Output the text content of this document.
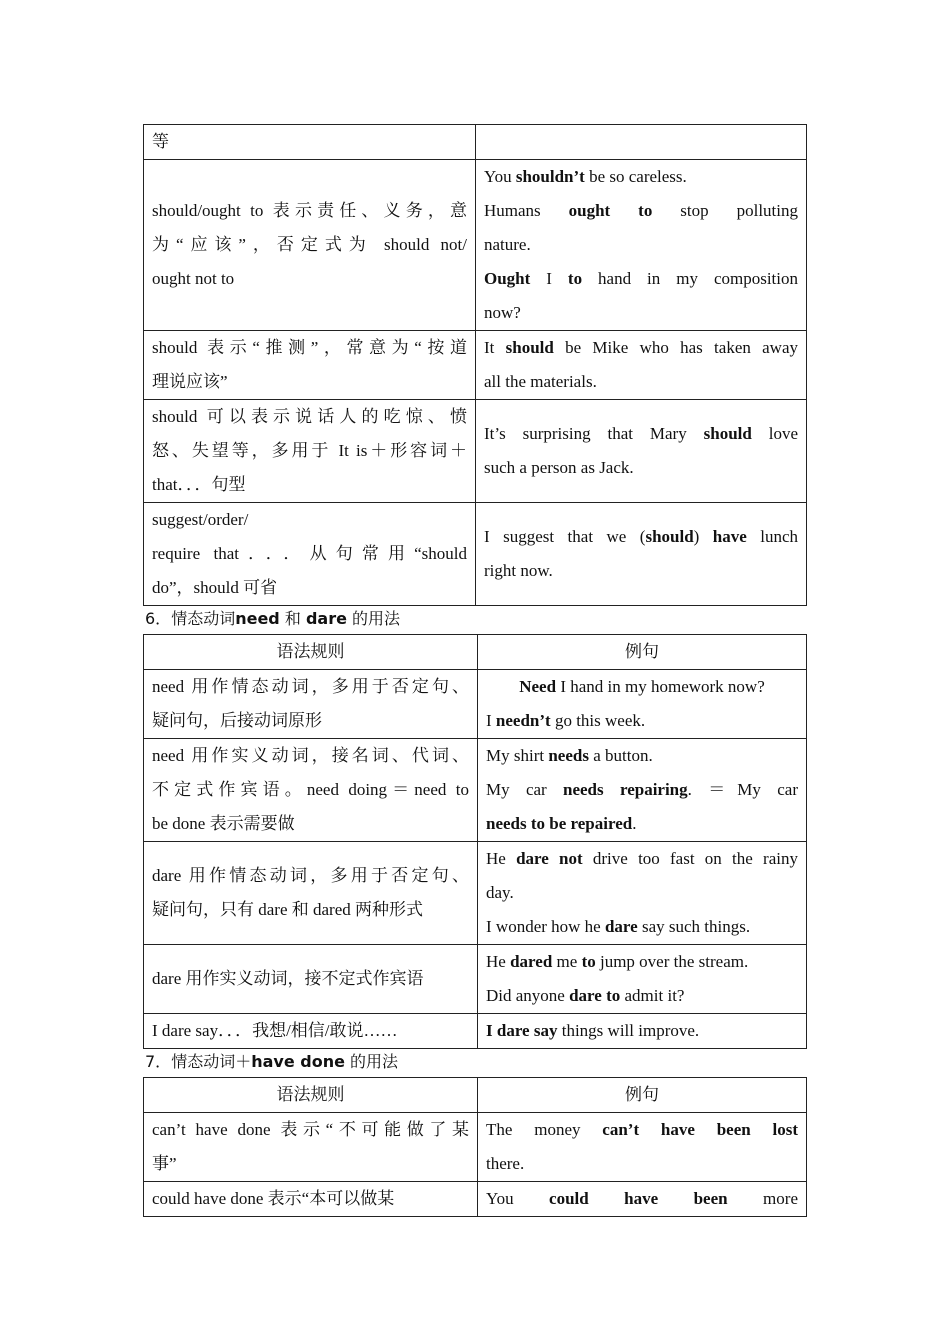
等	

should/ought to 表示责任、义务，意
为“应该”，否定式为 should not/
ought not to	You shouldn’t be so careless.
Humans ought to stop polluting
nature.
Ought I to hand in my composition
now?

should 表示“推测”，常意为“按道
理说应该”	It should be Mike who has taken away
all the materials.

should 可以表示说话人的吃惊、愤
怒、失望等，多用于 It is＋形容词＋
that．．．句型	It’s surprising that Mary should love
such a person as Jack.

suggest/order/
require that．．．从句常用“should
do”，should 可省	I suggest that we (should) have lunch
right now.
6．情态动词need 和 dare 的用法
语法规则	例句

need 用作情态动词，多用于否定句、
疑问句，后接动词原形	Need I hand in my homework now?
I needn’t go this week.

need 用作实义动词，接名词、代词、
不定式作宾语。need doing＝need to
be done 表示需要做	My shirt needs a button.
My car needs repairing. ＝My car
needs to be repaired.

dare 用作情态动词，多用于否定句、
疑问句，只有 dare 和 dared 两种形式	He dare not drive too fast on the rainy
day.
I wonder how he dare say such things.

dare 用作实义动词，接不定式作宾语	He dared me to jump over the stream.
Did anyone dare to admit it?

I dare say．．．我想/相信/敢说……	I dare say things will improve.
7．情态动词＋have done 的用法
语法规则	例句

can’t have done 表示“不可能做了某
事”	The money can’t have been lost
there.

could have done 表示“本可以做某	You could have been more
